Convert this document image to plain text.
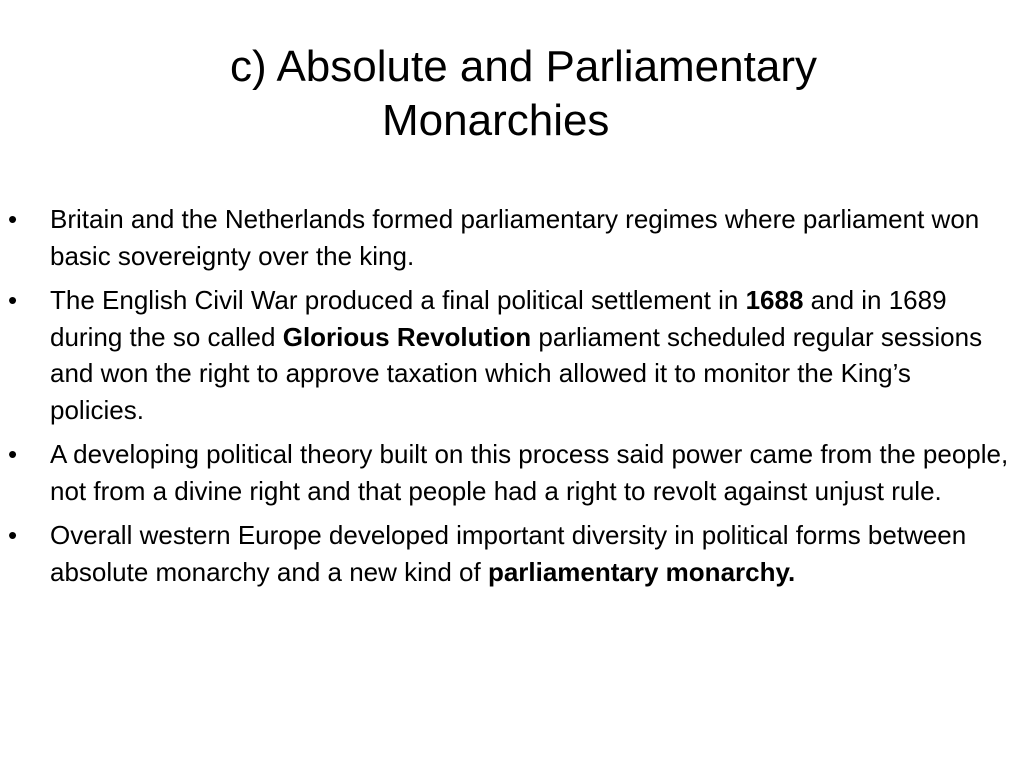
c) Absolute and Parliamentary
Monarchies
•	Britain and the Netherlands formed parliamentary regimes where parliament won basic sovereignty over the king.
•	The English Civil War produced a final political settlement in 1688 and in 1689 during the so called Glorious Revolution parliament scheduled regular sessions and won the right to approve taxation which allowed it to monitor the King’s policies.
•	A developing political theory built on this process said power came from the people, not from a divine right and that people had a right to revolt against unjust rule.
•	Overall western Europe developed important diversity in political forms between absolute monarchy and a new kind of parliamentary monarchy.
